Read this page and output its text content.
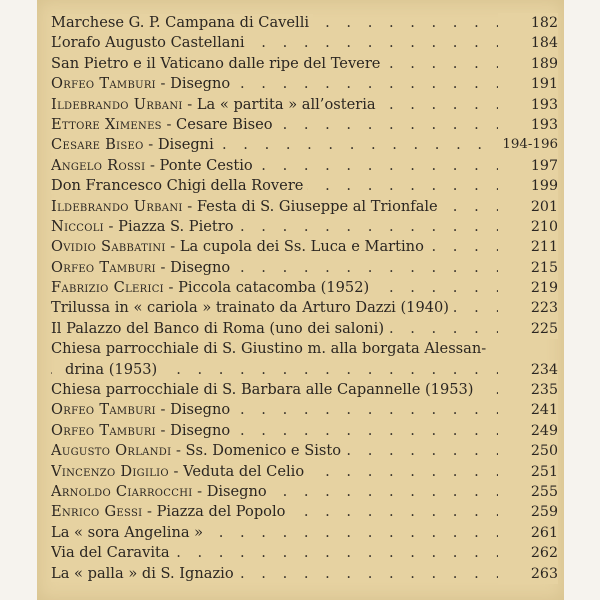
. . .
Marchese G. P. Campana di Cavelli	182
. . .
L’orafo Augusto Castellani	184
. . .
San Pietro e il Vaticano dalle ripe del Tevere	189
. . .
Orfeo Tamburi - Disegno	191
. . .
Ildebrando Urbani - La « partita » all’osteria	193
. . .
Ettore Ximenes - Cesare Biseo	193
. . .
Cesare Biseo - Disegni	194-196
. . .
Angelo Rossi - Ponte Cestio	197
. . .
Don Francesco Chigi della Rovere	199
. . .
Ildebrando Urbani - Festa di S. Giuseppe al Trionfale	201
. . .
Niccoli - Piazza S. Pietro	210
. . .
Ovidio Sabbatini - La cupola dei Ss. Luca e Martino	211
. . .
Orfeo Tamburi - Disegno	215
. . .
Fabrizio Clerici - Piccola catacomba (1952)	219
. . .
Trilussa in « cariola » trainato da Arturo Dazzi (1940)	223
. . .
Il Palazzo del Banco di Roma (uno dei saloni)	225
Chiesa parrocchiale di S. Giustino m. alla borgata Alessan-
. . .
drina (1953)	234
. . .
Chiesa parrocchiale di S. Barbara alle Capannelle (1953)	235
. . .
Orfeo Tamburi - Disegno	241
. . .
Orfeo Tamburi - Disegno	249
. . .
Augusto Orlandi - Ss. Domenico e Sisto	250
. . .
Vincenzo Digilio - Veduta del Celio	251
. . .
Arnoldo Ciarrocchi - Disegno	255
. . .
Enrico Gessi - Piazza del Popolo	259
. . .
La « sora Angelina »	261
. . .
Via del Caravita	262
. . .
La « palla » di S. Ignazio	263
